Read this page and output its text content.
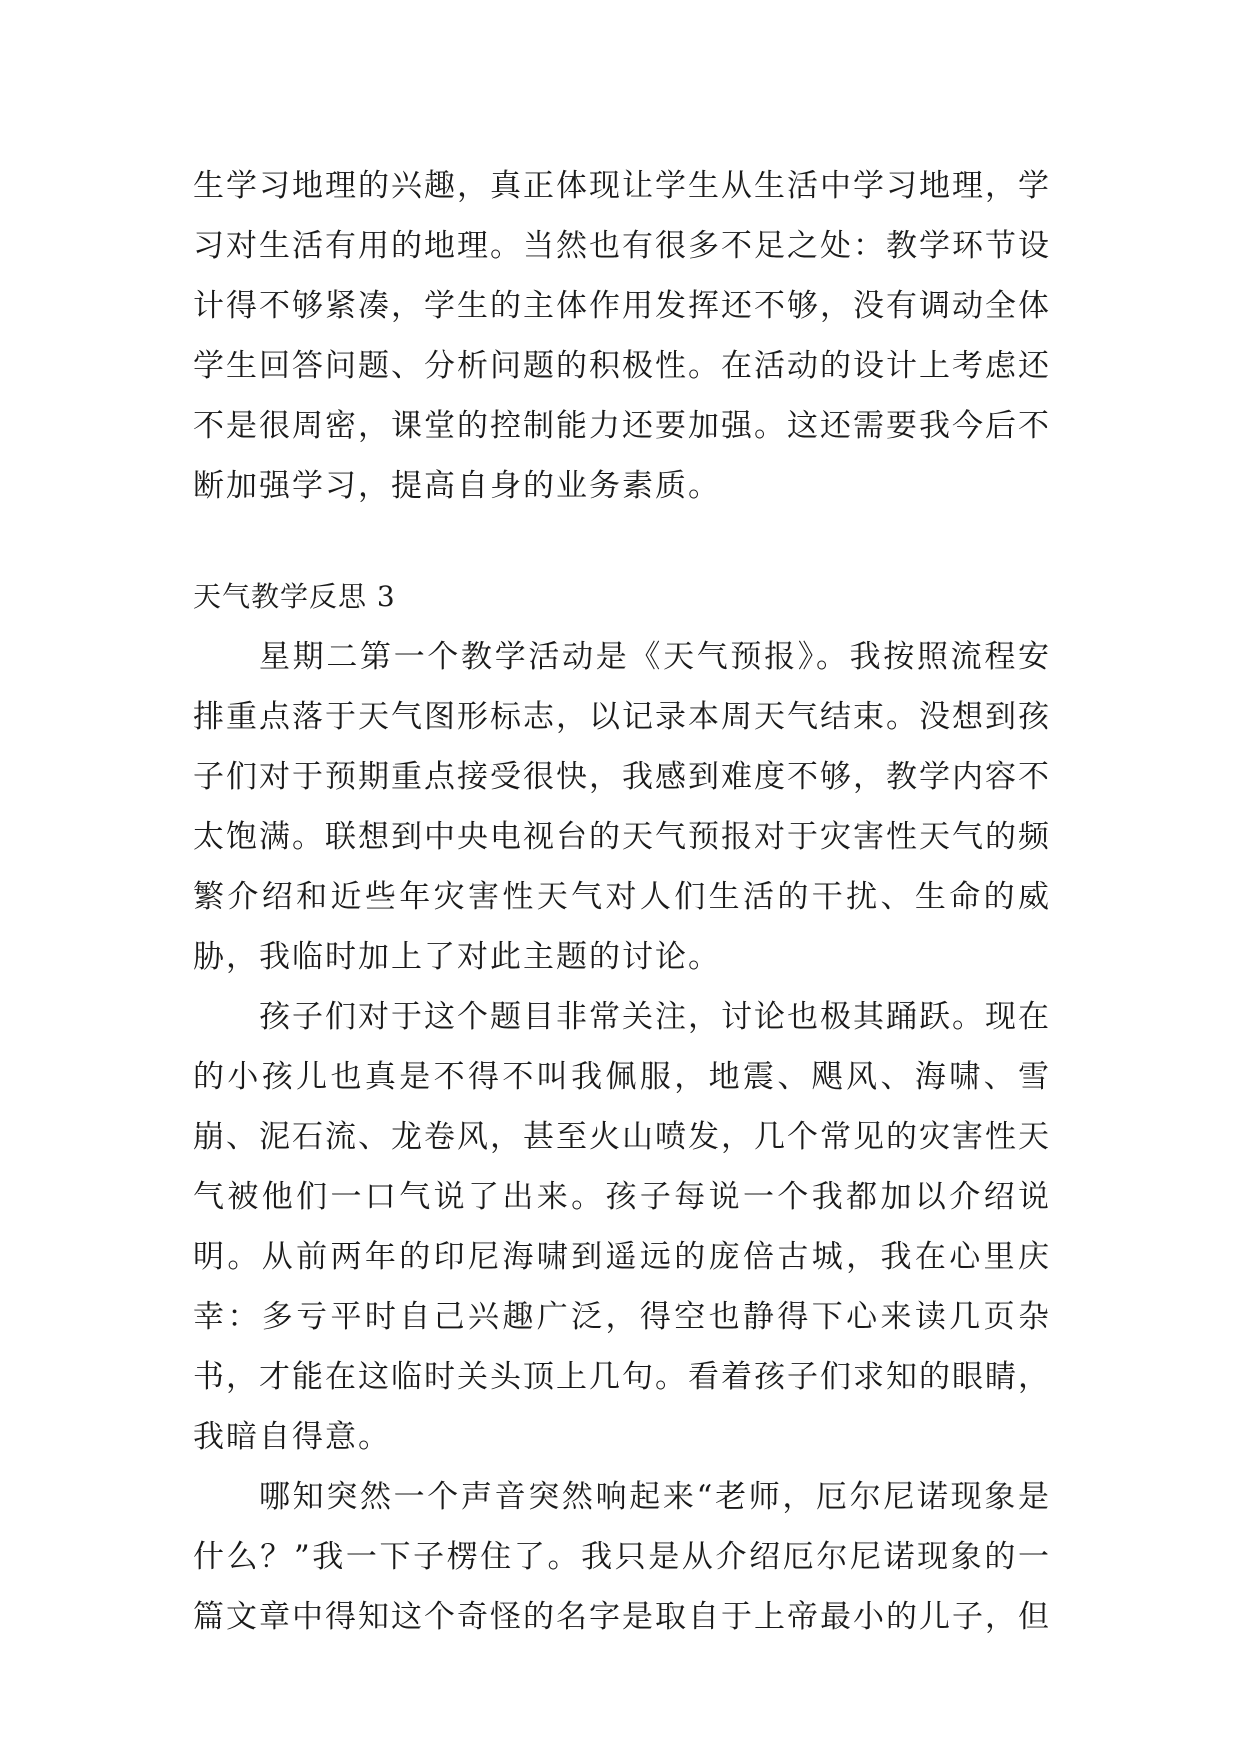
生学习地理的兴趣，真正体现让学生从生活中学习地理，学习对生活有用的地理。当然也有很多不足之处：教学环节设计得不够紧凑，学生的主体作用发挥还不够，没有调动全体学生回答问题、分析问题的积极性。在活动的设计上考虑还不是很周密，课堂的控制能力还要加强。这还需要我今后不断加强学习，提高自身的业务素质。

天气教学反思 3

星期二第一个教学活动是《天气预报》。我按照流程安排重点落于天气图形标志，以记录本周天气结束。没想到孩子们对于预期重点接受很快，我感到难度不够，教学内容不太饱满。联想到中央电视台的天气预报对于灾害性天气的频繁介绍和近些年灾害性天气对人们生活的干扰、生命的威胁，我临时加上了对此主题的讨论。

孩子们对于这个题目非常关注，讨论也极其踊跃。现在的小孩儿也真是不得不叫我佩服，地震、飓风、海啸、雪崩、泥石流、龙卷风，甚至火山喷发，几个常见的灾害性天气被他们一口气说了出来。孩子每说一个我都加以介绍说明。从前两年的印尼海啸到遥远的庞倍古城，我在心里庆幸：多亏平时自己兴趣广泛，得空也静得下心来读几页杂书，才能在这临时关头顶上几句。看着孩子们求知的眼睛，我暗自得意。

哪知突然一个声音突然响起来“老师，厄尔尼诺现象是什么？”我一下子楞住了。我只是从介绍厄尔尼诺现象的一篇文章中得知这个奇怪的名字是取自于上帝最小的儿子，但
